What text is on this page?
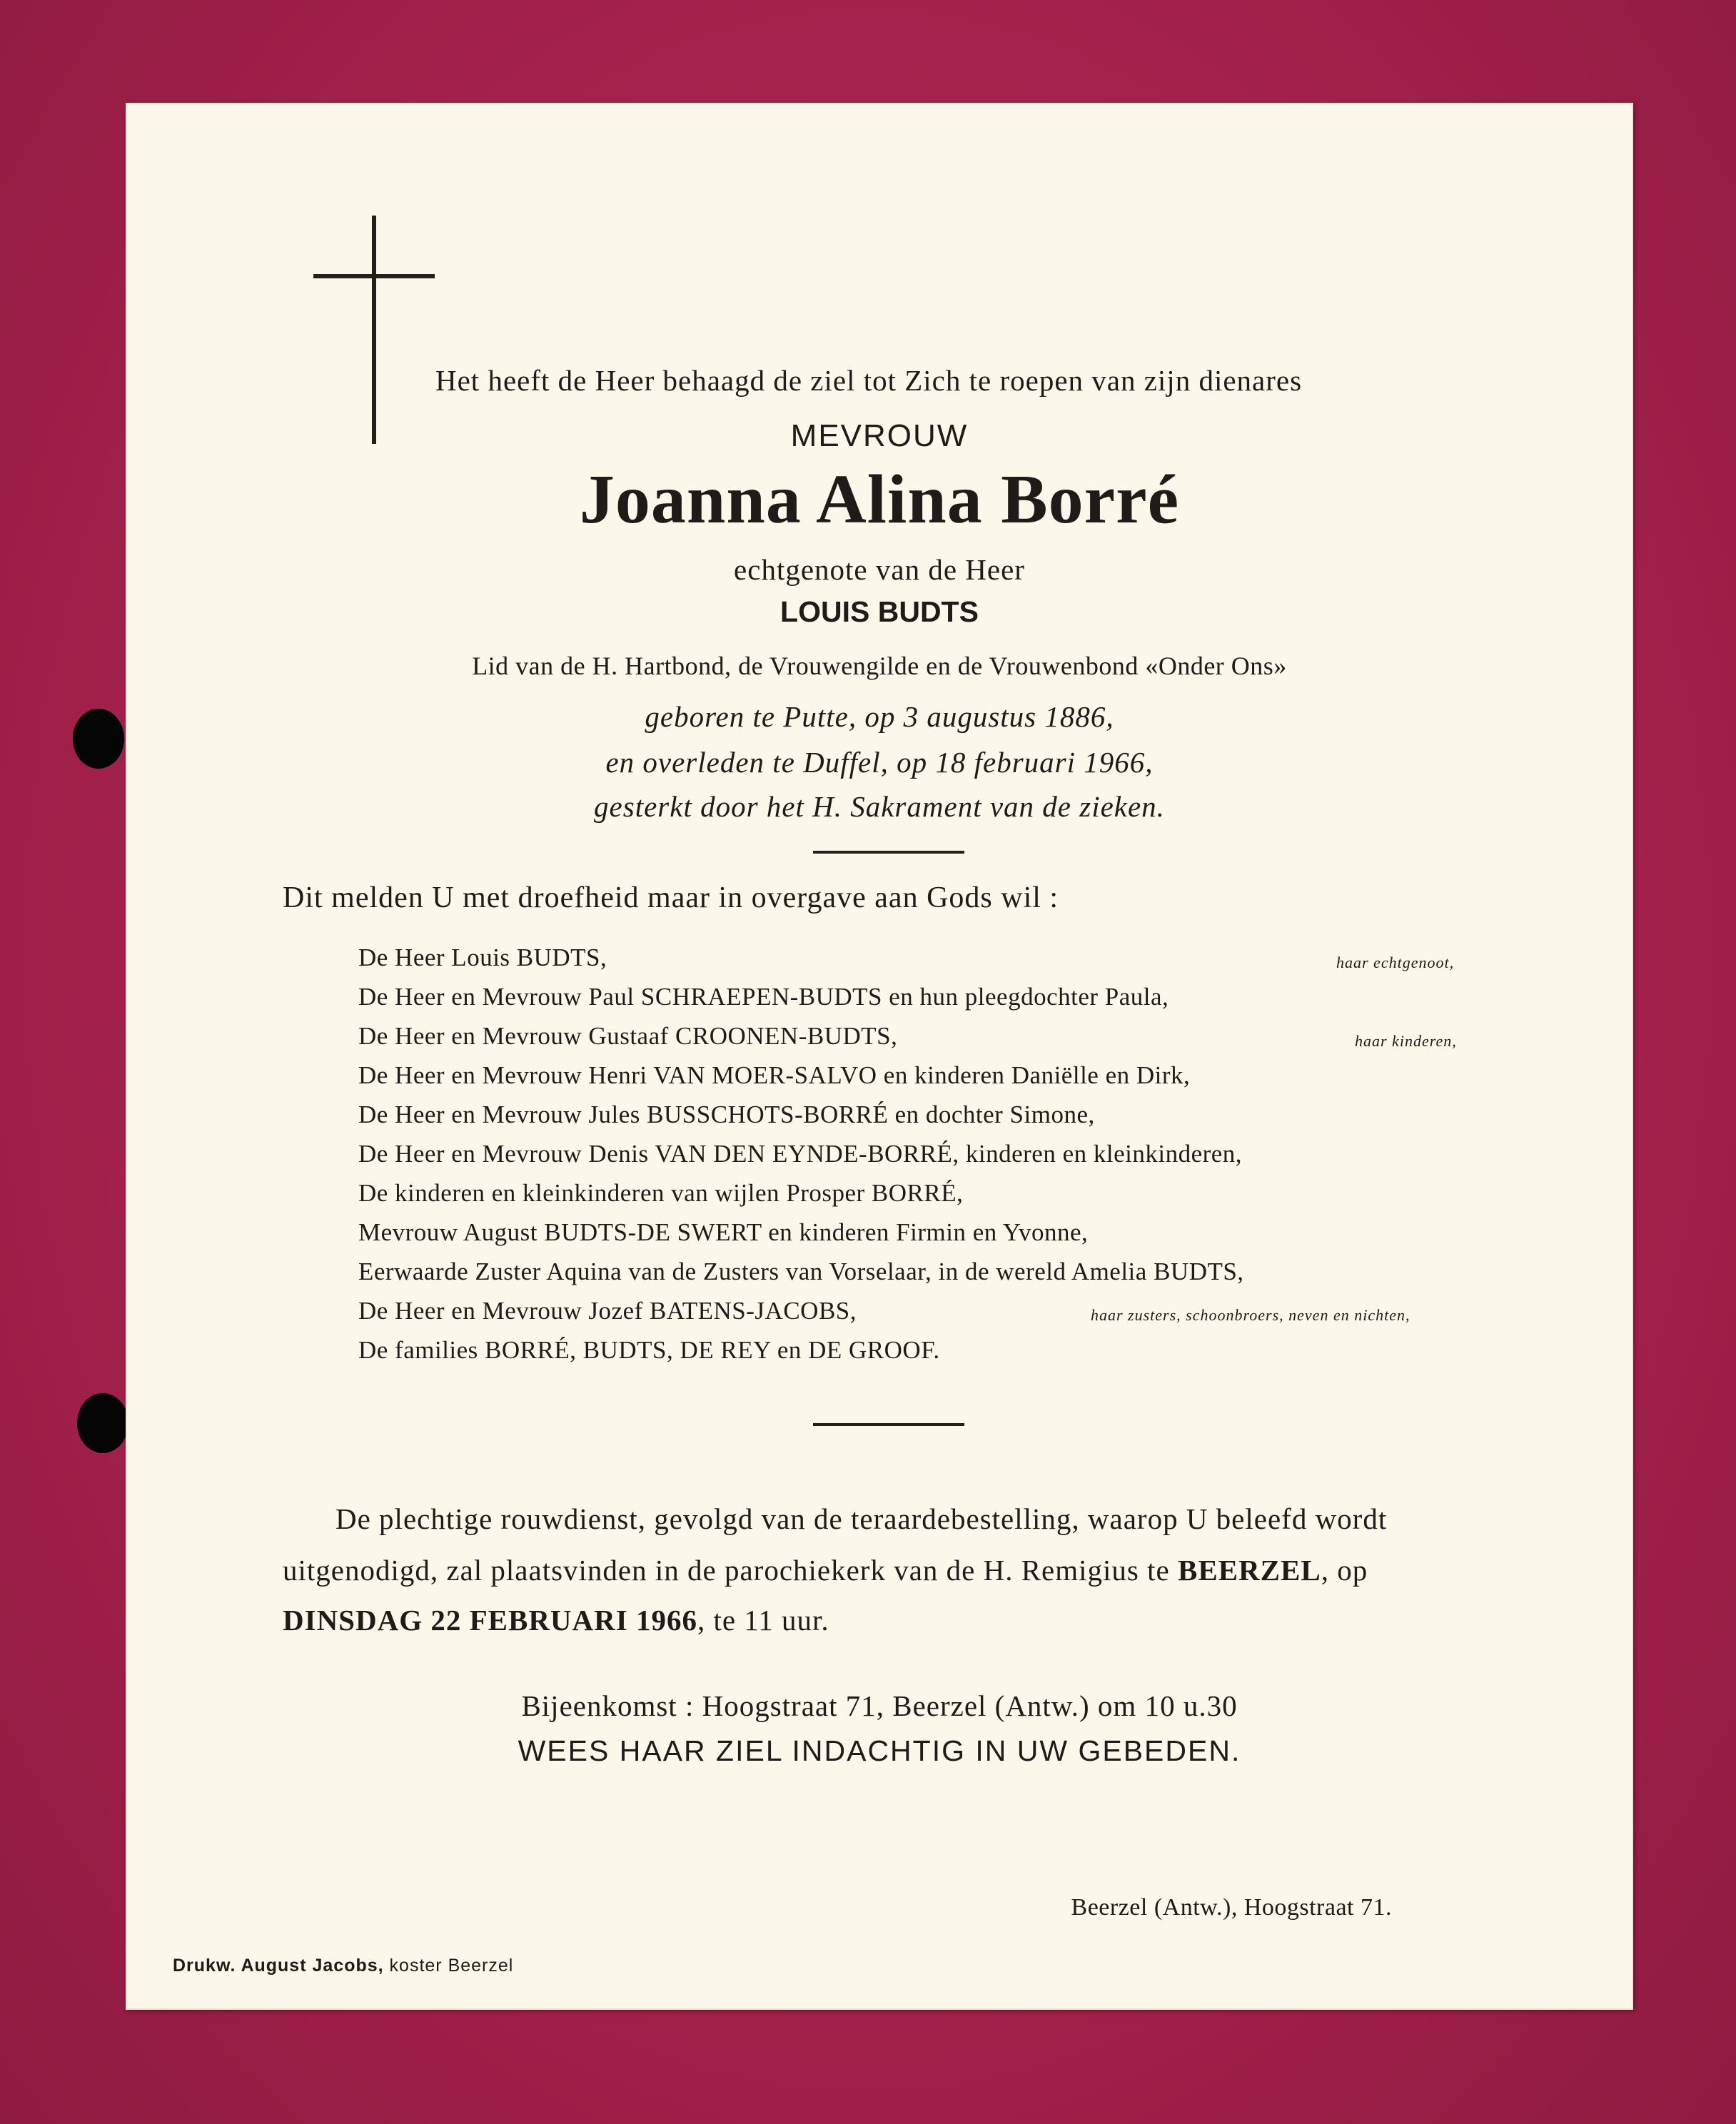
Het heeft de Heer behaagd de ziel tot Zich te roepen van zijn dienares
MEVROUW
Joanna Alina Borré
echtgenote van de Heer
LOUIS BUDTS
Lid van de H. Hartbond, de Vrouwengilde en de Vrouwenbond «Onder Ons»
geboren te Putte, op 3 augustus 1886,
en overleden te Duffel, op 18 februari 1966,
gesterkt door het H. Sakrament van de zieken.
Dit melden U met droefheid maar in overgave aan Gods wil :
De Heer Louis BUDTS,	haar echtgenoot,
De Heer en Mevrouw Paul SCHRAEPEN-BUDTS en hun pleegdochter Paula,
De Heer en Mevrouw Gustaaf CROONEN-BUDTS,	haar kinderen,
De Heer en Mevrouw Henri VAN MOER-SALVO en kinderen Daniëlle en Dirk,
De Heer en Mevrouw Jules BUSSCHOTS-BORRÉ en dochter Simone,
De Heer en Mevrouw Denis VAN DEN EYNDE-BORRÉ, kinderen en kleinkinderen,
De kinderen en kleinkinderen van wijlen Prosper BORRÉ,
Mevrouw August BUDTS-DE SWERT en kinderen Firmin en Yvonne,
Eerwaarde Zuster Aquina van de Zusters van Vorselaar, in de wereld Amelia BUDTS,
De Heer en Mevrouw Jozef BATENS-JACOBS,	haar zusters, schoonbroers, neven en nichten,
De families BORRÉ, BUDTS, DE REY en DE GROOF.
De plechtige rouwdienst, gevolgd van de teraardebestelling, waarop U beleefd wordt
uitgenodigd, zal plaatsvinden in de parochiekerk van de H. Remigius te BEERZEL, op
DINSDAG 22 FEBRUARI 1966, te 11 uur.
Bijeenkomst : Hoogstraat 71, Beerzel (Antw.) om 10 u.30
WEES HAAR ZIEL INDACHTIG IN UW GEBEDEN.
Beerzel (Antw.), Hoogstraat 71.
Drukw. August Jacobs, koster Beerzel
